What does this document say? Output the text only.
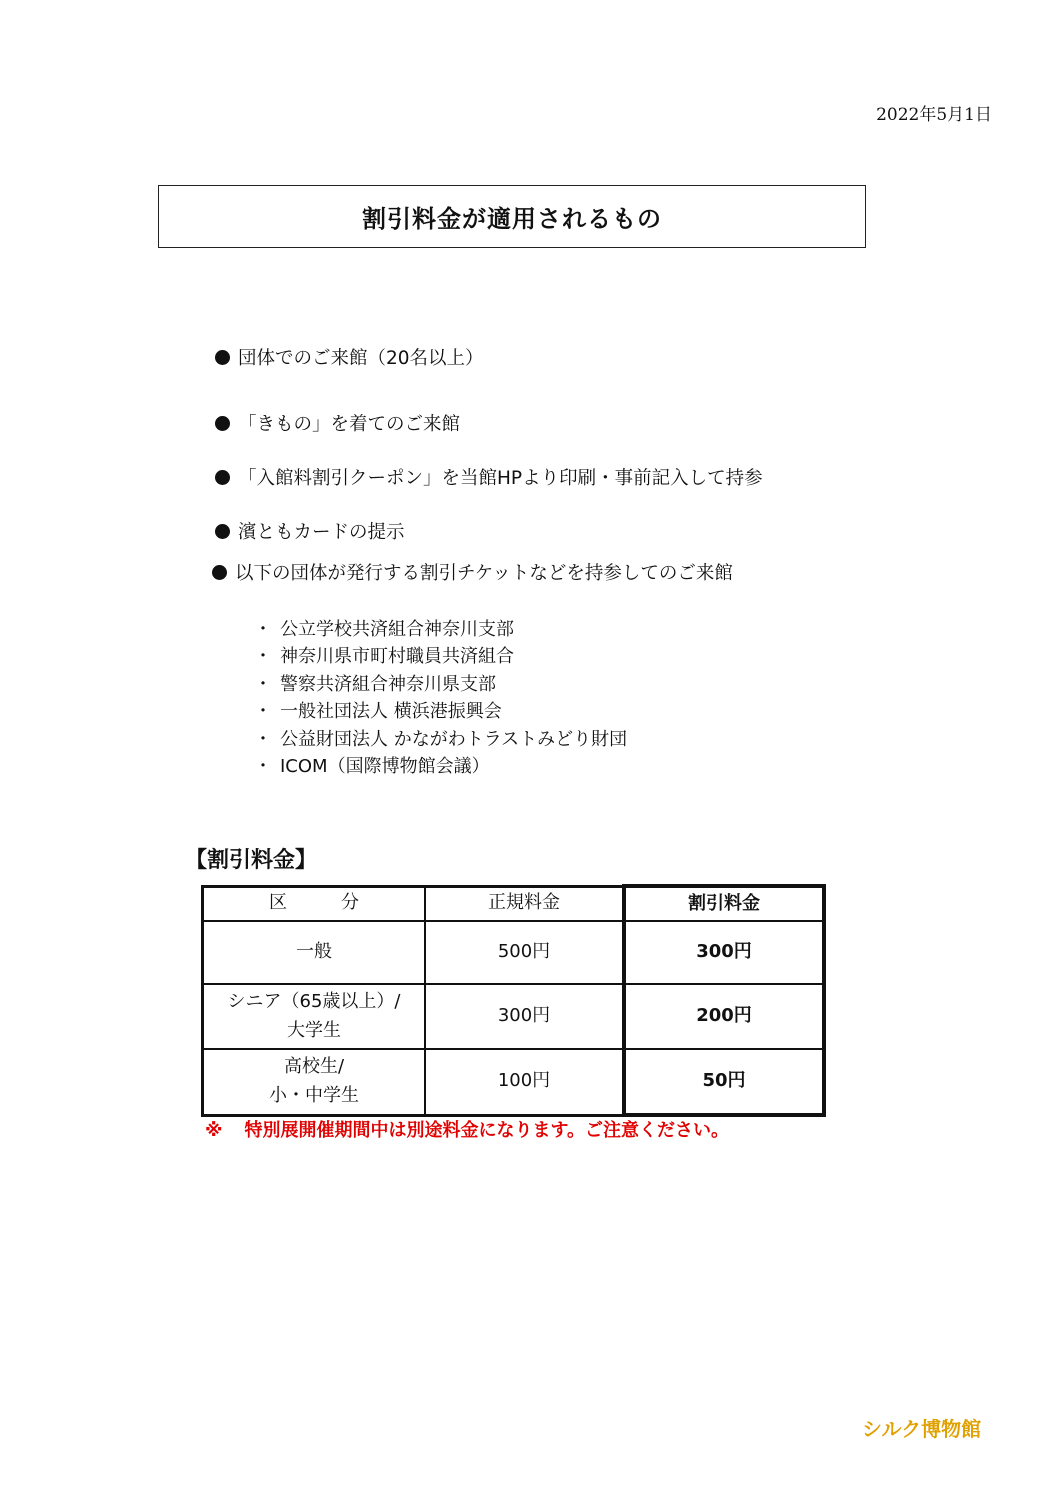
2022年5月1日
割引料金が適用されるもの
団体でのご来館（20名以上）
「きもの」を着てのご来館
「入館料割引クーポン」を当館HPより印刷・事前記入して持参
濱ともカードの提示
以下の団体が発行する割引チケットなどを持参してのご来館
・ 公立学校共済組合神奈川支部
・ 神奈川県市町村職員共済組合
・ 警察共済組合神奈川県支部
・ 一般社団法人 横浜港振興会
・ 公益財団法人 かながわトラストみどり財団
・ ICOM（国際博物館会議）
【割引料金】
区　　　分	正規料金	割引料金

一般	500円	300円

シニア（65歳以上）/
大学生	300円	200円

高校生/
小・中学生	100円	50円
※ 特別展開催期間中は別途料金になります。ご注意ください。
シルク博物館
